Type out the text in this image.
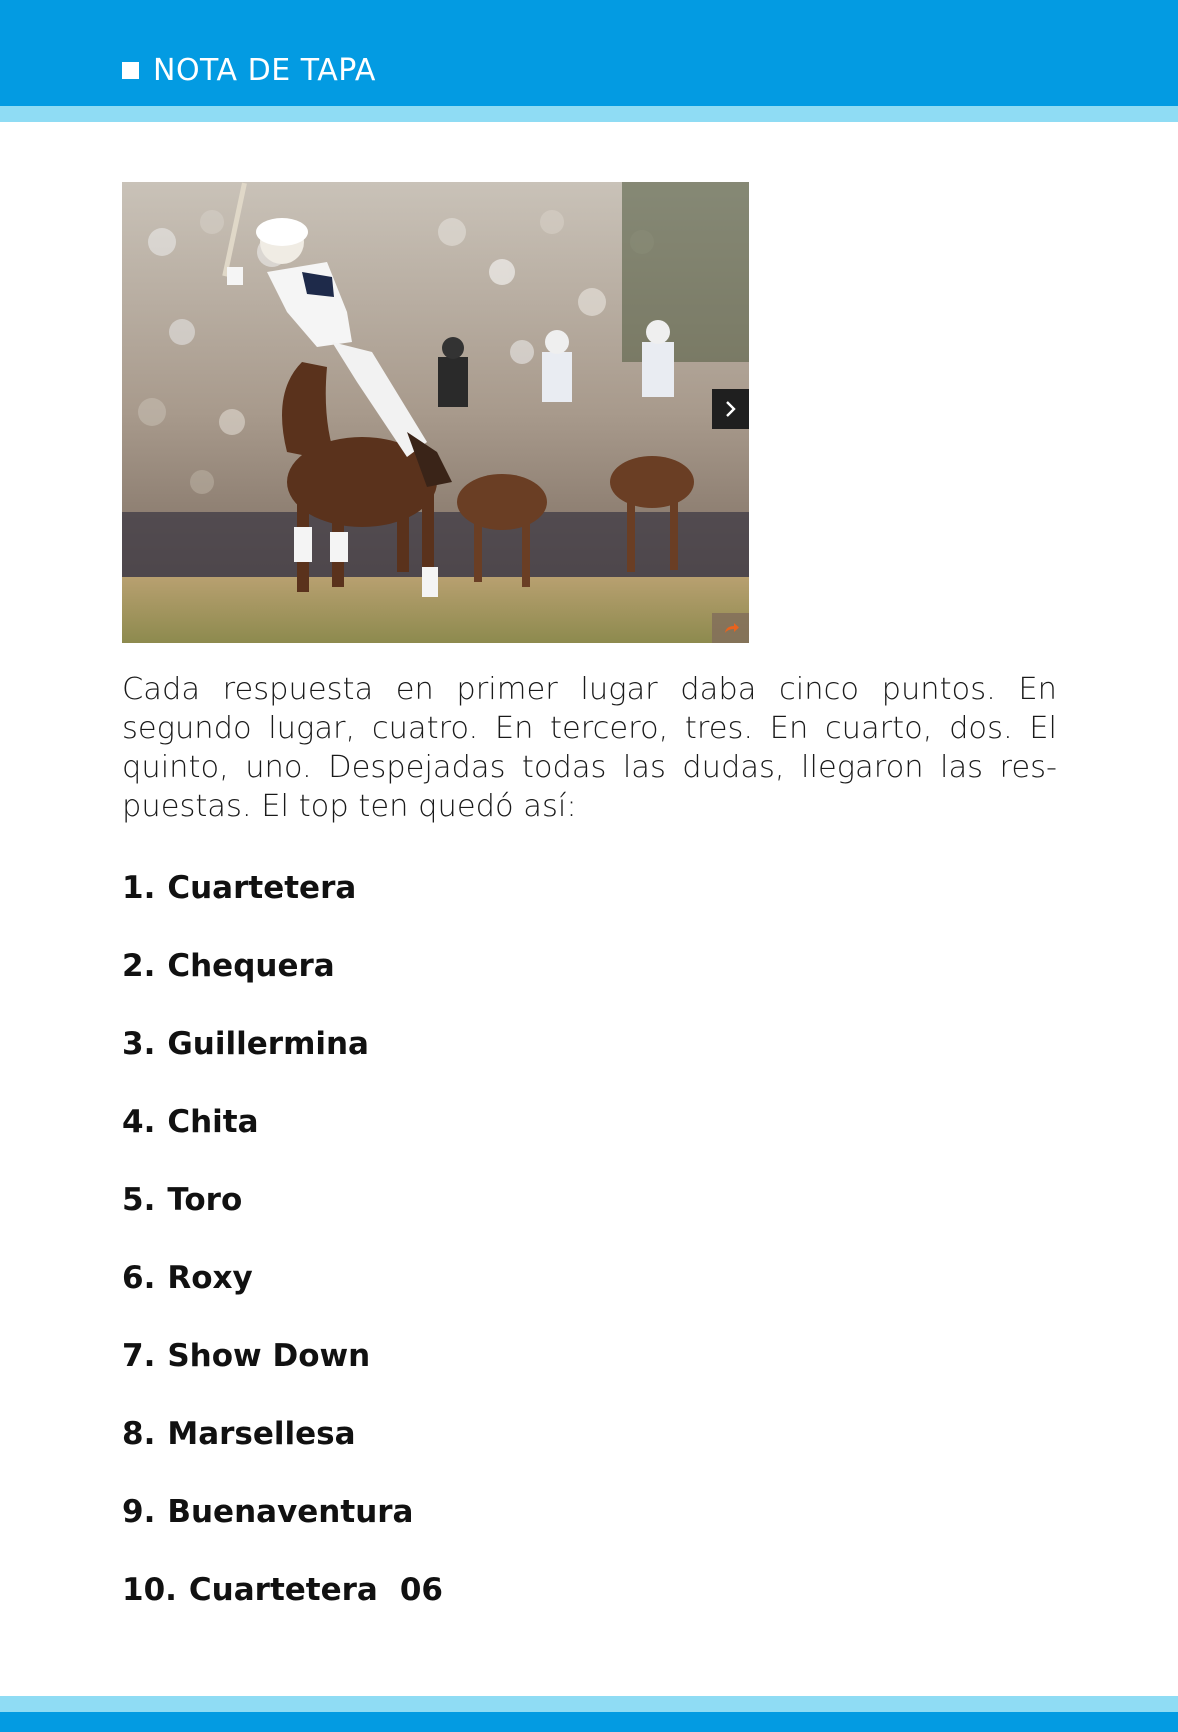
NOTA DE TAPA

Cada respuesta en primer lugar daba cinco puntos. En segundo lugar, cuatro. En tercero, tres. En cuarto, dos. El quinto, uno. Despejadas todas las dudas, llegaron las res-puestas. El top ten quedó así:

1. Cuartetera
2. Chequera
3. Guillermina
4. Chita
5. Toro
6. Roxy
7. Show Down
8. Marsellesa
9. Buenaventura
10. Cuartetera 06
